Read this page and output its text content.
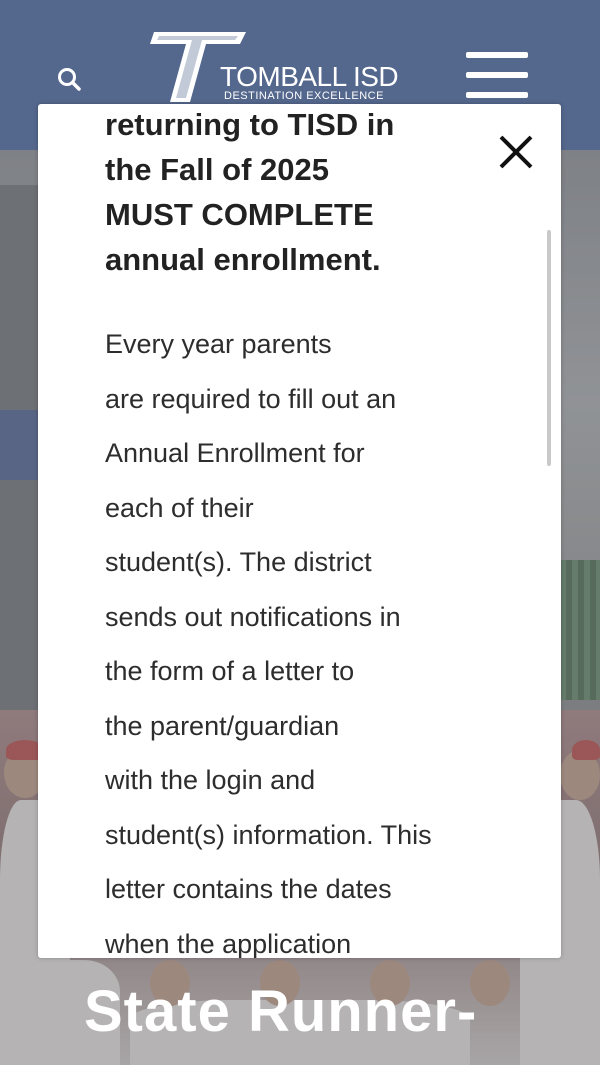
TOMBALL ISD
DESTINATION EXCELLENCE
State Runner-

returning to TISD in
the Fall of 2025
MUST COMPLETE
annual enrollment.

Every year parents
are required to fill out an
Annual Enrollment for
each of their
student(s). The district
sends out notifications in
the form of a letter to
the parent/guardian
with the login and
student(s) information. This
letter contains the dates
when the application
